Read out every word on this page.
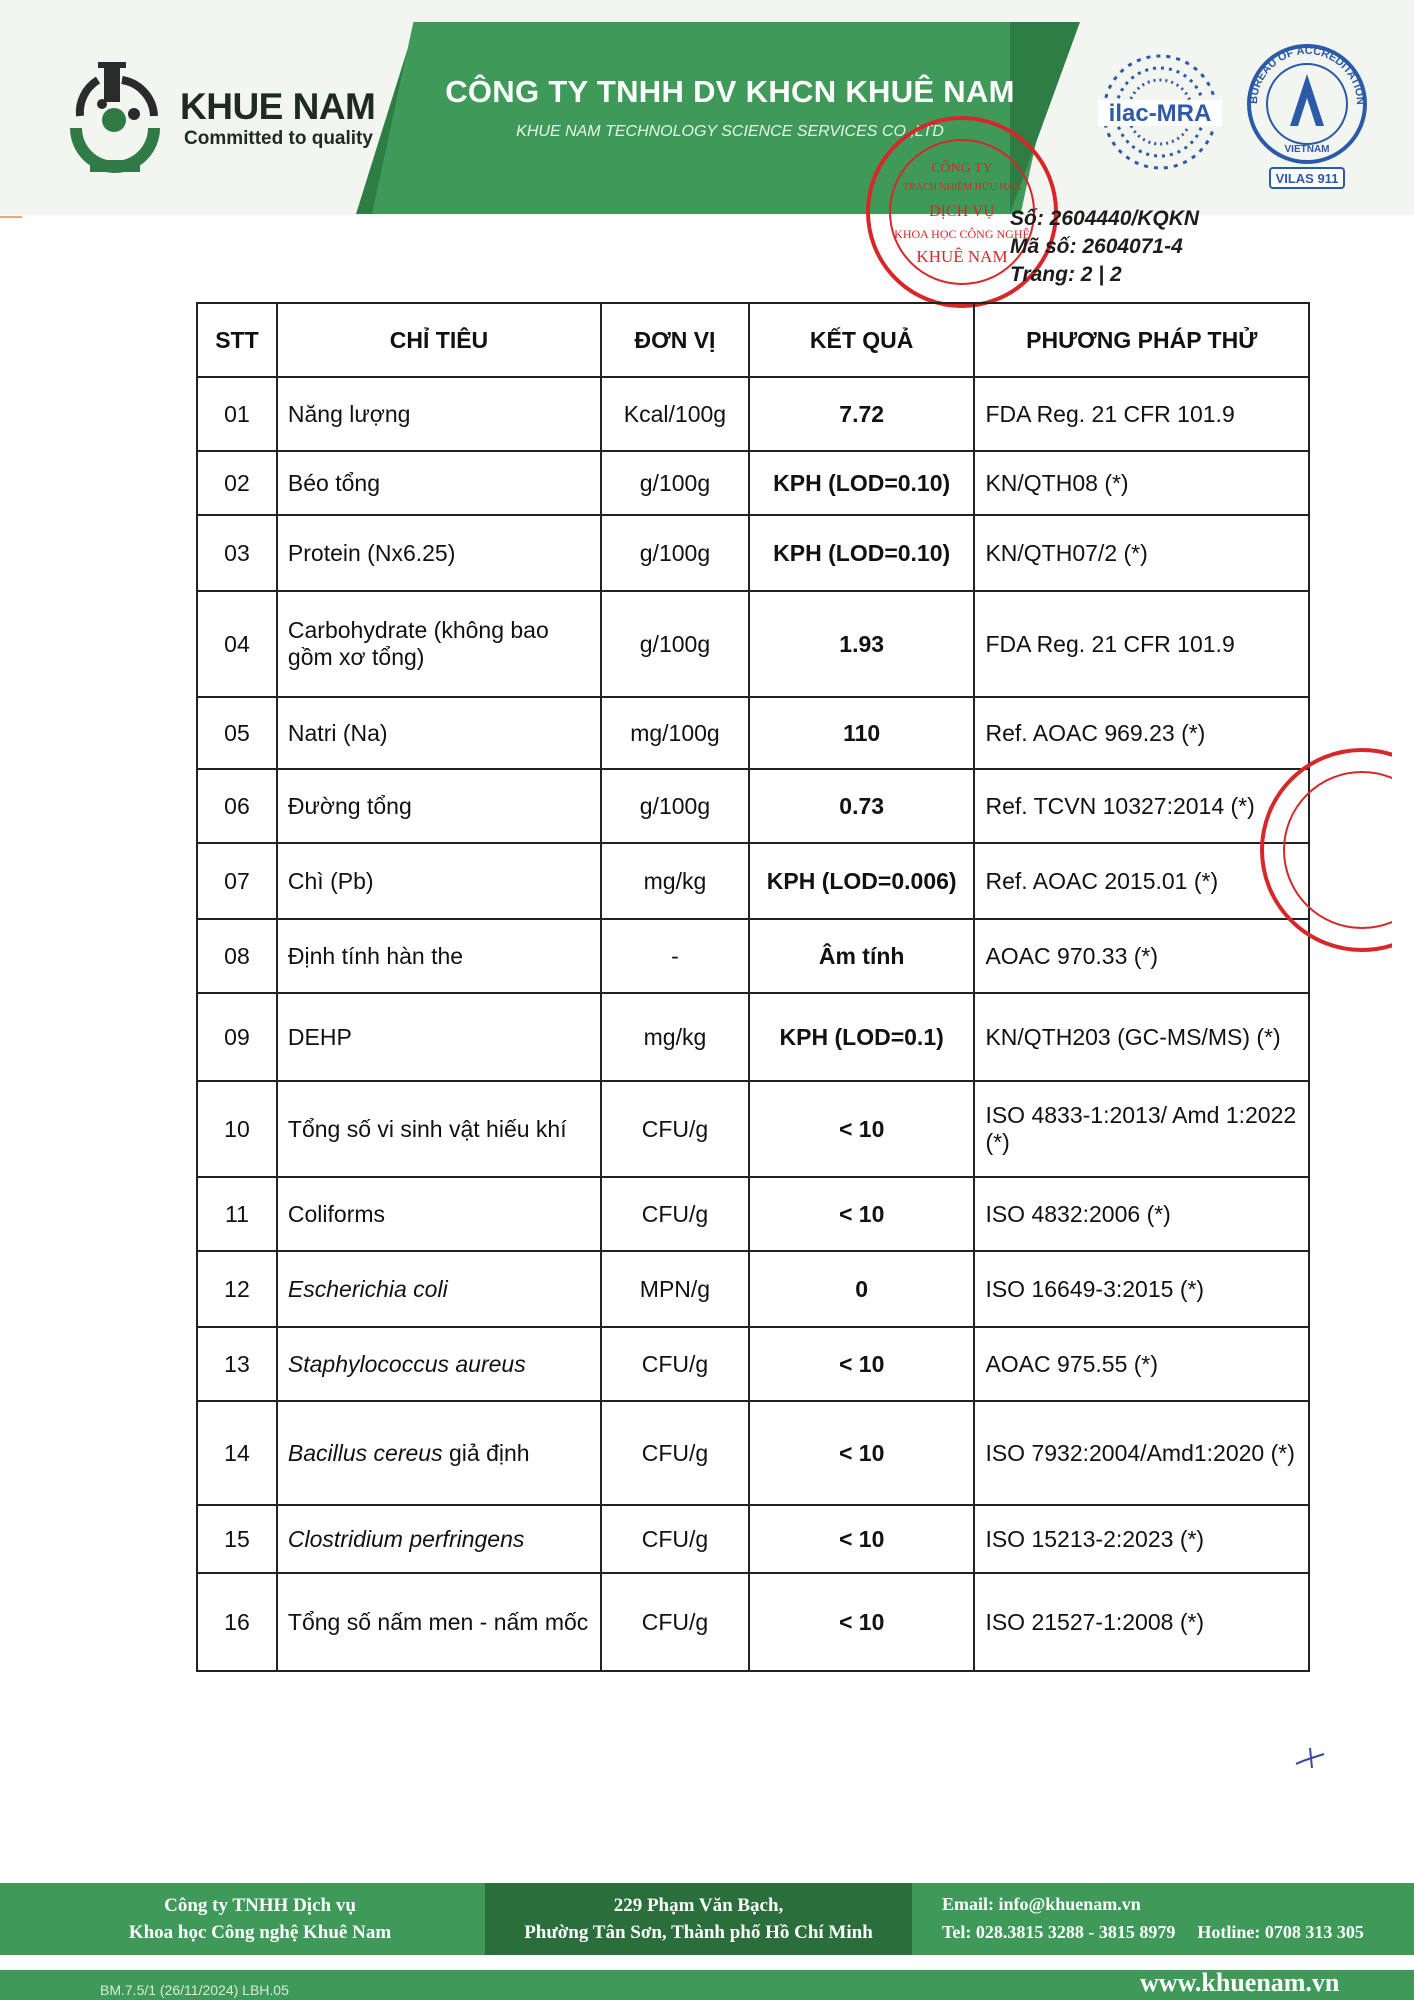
KHUE NAM
Committed to quality
CÔNG TY TNHH DV KHCN KHUÊ NAM
KHUE NAM TECHNOLOGY SCIENCE SERVICES CO.,LTD
ilac-MRA
BUREAU OF ACCREDITATION
VIETNAM
VILAS 911
CÔNG TY
TRÁCH NHIỆM HỮU HẠN
DỊCH VỤ
KHOA HỌC CÔNG NGHỆ
KHUÊ NAM
Số: 2604440/KQKN
Mã số: 2604071-4
Trang: 2 | 2
STT	CHỈ TIÊU	ĐƠN VỊ	KẾT QUẢ	PHƯƠNG PHÁP THỬ
01	Năng lượng	Kcal/100g	7.72	FDA Reg. 21 CFR 101.9
02	Béo tổng	g/100g	KPH (LOD=0.10)	KN/QTH08 (*)
03	Protein (Nx6.25)	g/100g	KPH (LOD=0.10)	KN/QTH07/2 (*)
04	Carbohydrate (không bao gồm xơ tổng)	g/100g	1.93	FDA Reg. 21 CFR 101.9
05	Natri (Na)	mg/100g	110	Ref. AOAC 969.23 (*)
06	Đường tổng	g/100g	0.73	Ref. TCVN 10327:2014 (*)
07	Chì (Pb)	mg/kg	KPH (LOD=0.006)	Ref. AOAC 2015.01 (*)
08	Định tính hàn the	-	Âm tính	AOAC 970.33 (*)
09	DEHP	mg/kg	KPH (LOD=0.1)	KN/QTH203 (GC-MS/MS) (*)
10	Tổng số vi sinh vật hiếu khí	CFU/g	< 10	ISO 4833-1:2013/ Amd 1:2022 (*)
11	Coliforms	CFU/g	< 10	ISO 4832:2006 (*)
12	Escherichia coli	MPN/g	0	ISO 16649-3:2015 (*)
13	Staphylococcus aureus	CFU/g	< 10	AOAC 975.55 (*)
14	Bacillus cereus giả định	CFU/g	< 10	ISO 7932:2004/Amd1:2020 (*)
15	Clostridium perfringens	CFU/g	< 10	ISO 15213-2:2023 (*)
16	Tổng số nấm men - nấm mốc	CFU/g	< 10	ISO 21527-1:2008 (*)
Công ty TNHH Dịch vụ
Khoa học Công nghệ Khuê Nam
229 Phạm Văn Bạch,
Phường Tân Sơn, Thành phố Hồ Chí Minh
Email: info@khuenam.vn
Tel: 028.3815 3288 - 3815 8979 Hotline: 0708 313 305
BM.7.5/1 (26/11/2024) LBH.05	www.khuenam.vn
